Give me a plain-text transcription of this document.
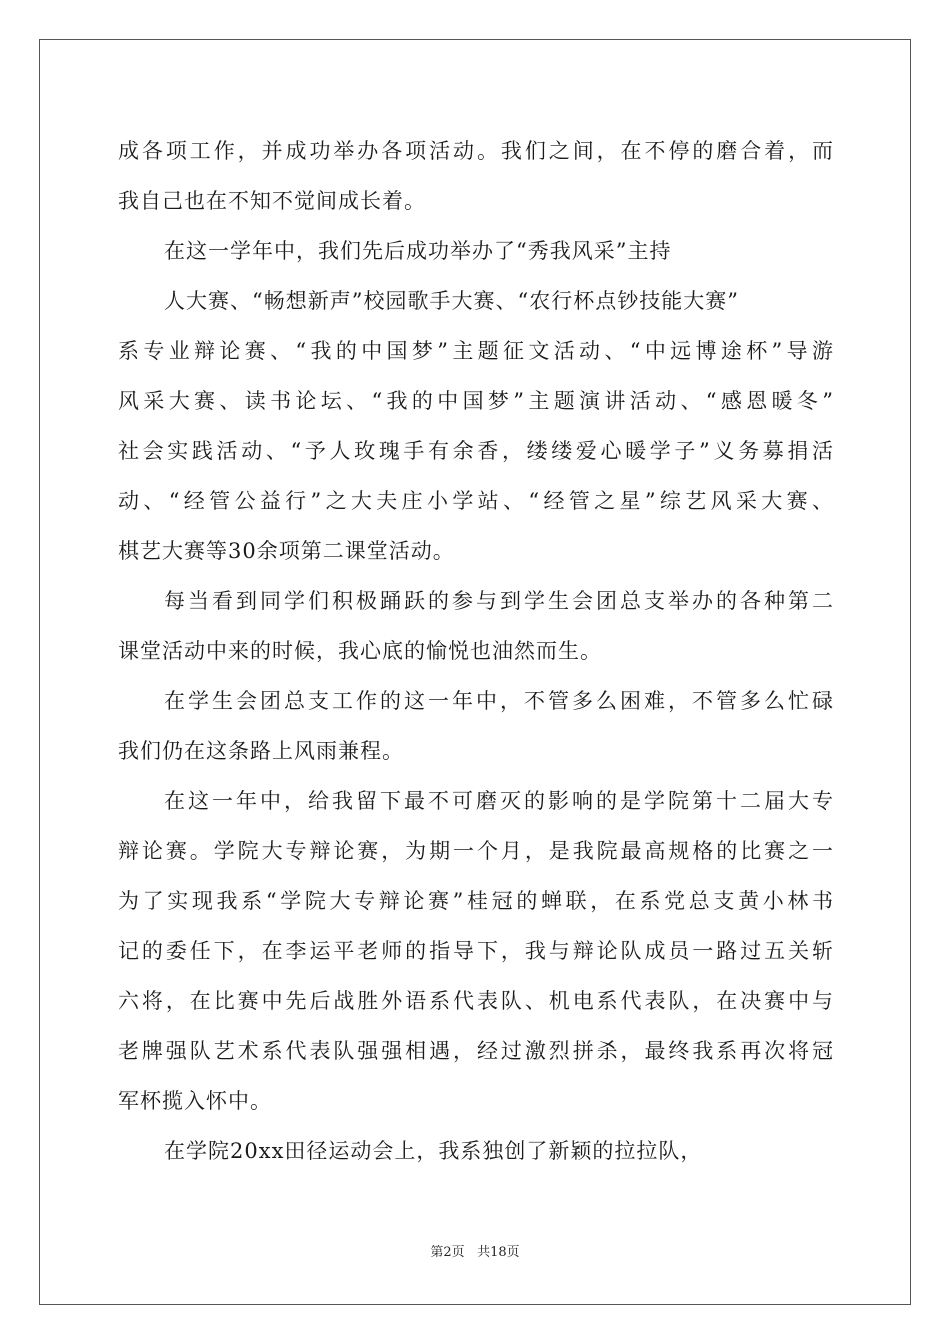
成各项工作，并成功举办各项活动。我们之间，在不停的磨合着，而
我自己也在不知不觉间成长着。
在这一学年中，我们先后成功举办了“秀我风采”主持
人大赛、“畅想新声”校园歌手大赛、“农行杯点钞技能大赛”
系专业辩论赛、“我的中国梦”主题征文活动、“中远博途杯”导游
风采大赛、读书论坛、“我的中国梦”主题演讲活动、“感恩暖冬”
社会实践活动、“予人玫瑰手有余香，缕缕爱心暖学子”义务募捐活
动、“经管公益行”之大夫庄小学站、“经管之星”综艺风采大赛、
棋艺大赛等30余项第二课堂活动。
每当看到同学们积极踊跃的参与到学生会团总支举办的各种第二
课堂活动中来的时候，我心底的愉悦也油然而生。
在学生会团总支工作的这一年中，不管多么困难，不管多么忙碌
我们仍在这条路上风雨兼程。
在这一年中，给我留下最不可磨灭的影响的是学院第十二届大专
辩论赛。学院大专辩论赛，为期一个月，是我院最高规格的比赛之一
为了实现我系“学院大专辩论赛”桂冠的蝉联，在系党总支黄小林书
记的委任下，在李运平老师的指导下，我与辩论队成员一路过五关斩
六将，在比赛中先后战胜外语系代表队、机电系代表队，在决赛中与
老牌强队艺术系代表队强强相遇，经过激烈拼杀，最终我系再次将冠
军杯揽入怀中。
在学院20xx田径运动会上，我系独创了新颖的拉拉队，
第2页 共18页
